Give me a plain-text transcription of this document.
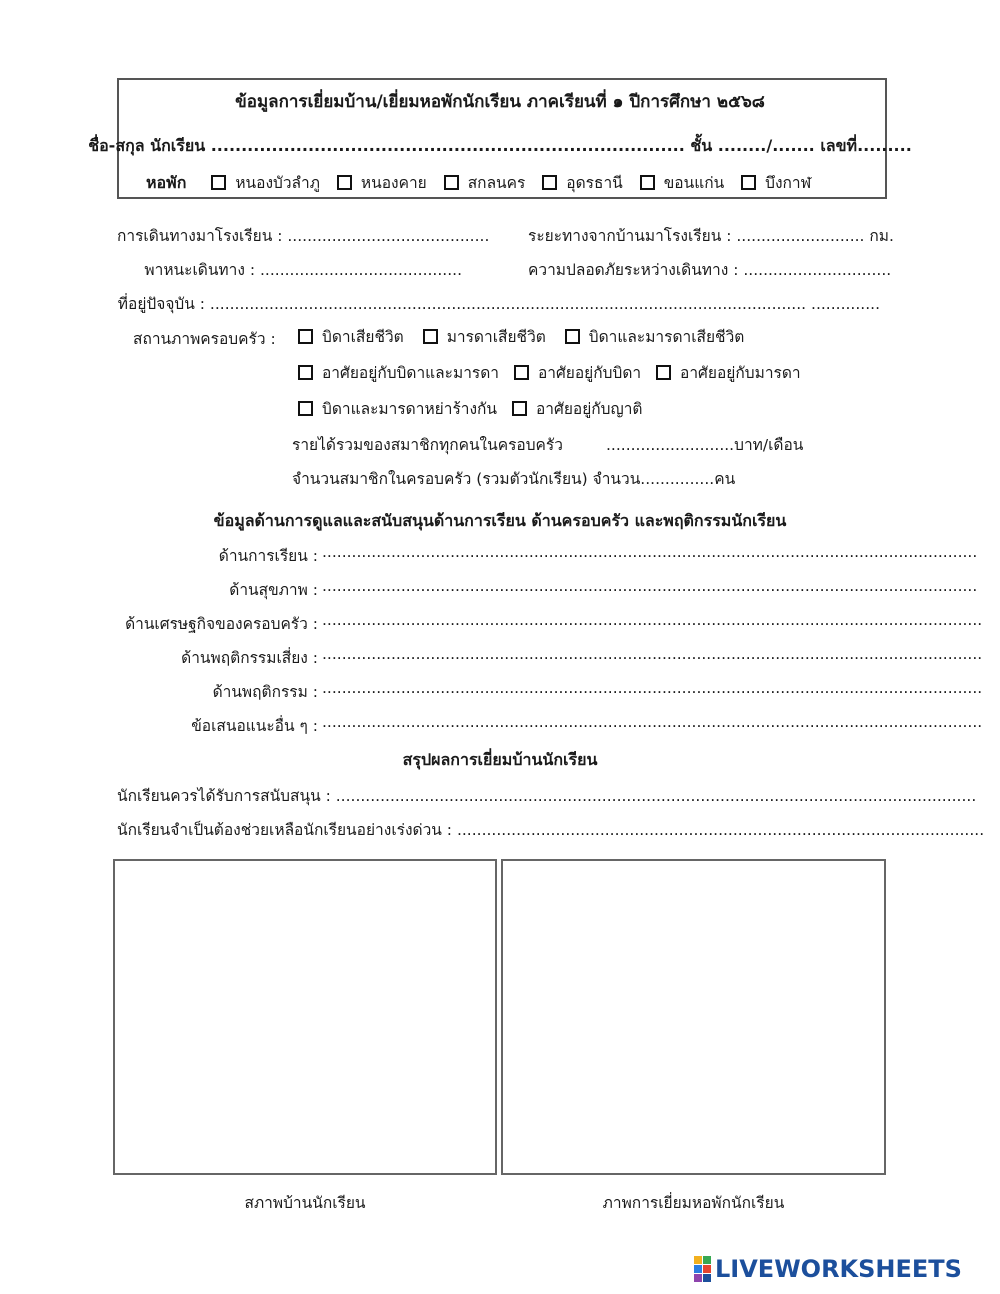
ข้อมูลการเยี่ยมบ้าน/เยี่ยมหอพักนักเรียน ภาคเรียนที่ ๑ ปีการศึกษา ๒๕๖๘
ชื่อ-สกุล นักเรียน .............................................................................. ชั้น ......../....... เลขที่.........
หอพัก	หนองบัวลำภู	หนองคาย	สกลนคร	อุดรธานี	ขอนแก่น	บึงกาฬ
การเดินทางมาโรงเรียน : ......................................... ระยะทางจากบ้านมาโรงเรียน : .......................... กม.
พาหนะเดินทาง : .........................................	ความปลอดภัยระหว่างเดินทาง : ..............................
ที่อยู่ปัจจุบัน : ......................................................................................................................... ..............
สถานภาพครอบครัว :	บิดาเสียชีวิต	มารดาเสียชีวิต	บิดาและมารดาเสียชีวิต
อาศัยอยู่กับบิดาและมารดา	อาศัยอยู่กับบิดา	อาศัยอยู่กับมารดา
บิดาและมารดาหย่าร้างกัน	อาศัยอยู่กับญาติ
รายได้รวมของสมาชิกทุกคนในครอบครัว	..........................บาท/เดือน
จำนวนสมาชิกในครอบครัว (รวมตัวนักเรียน) จำนวน...............คน
ข้อมูลด้านการดูแลและสนับสนุนด้านการเรียน ด้านครอบครัว และพฤติกรรมนักเรียน
ด้านการเรียน : .....................................................................................................................................
ด้านสุขภาพ : .....................................................................................................................................
ด้านเศรษฐกิจของครอบครัว : ......................................................................................................................................
ด้านพฤติกรรมเสี่ยง : ......................................................................................................................................
ด้านพฤติกรรม : ......................................................................................................................................
ข้อเสนอแนะอื่น ๆ : ......................................................................................................................................
สรุปผลการเยี่ยมบ้านนักเรียน
นักเรียนควรได้รับการสนับสนุน : ..................................................................................................................................
นักเรียนจำเป็นต้องช่วยเหลือนักเรียนอย่างเร่งด่วน : ...........................................................................................................
สภาพบ้านนักเรียน	ภาพการเยี่ยมหอพักนักเรียน
LIVEWORKSHEETS
